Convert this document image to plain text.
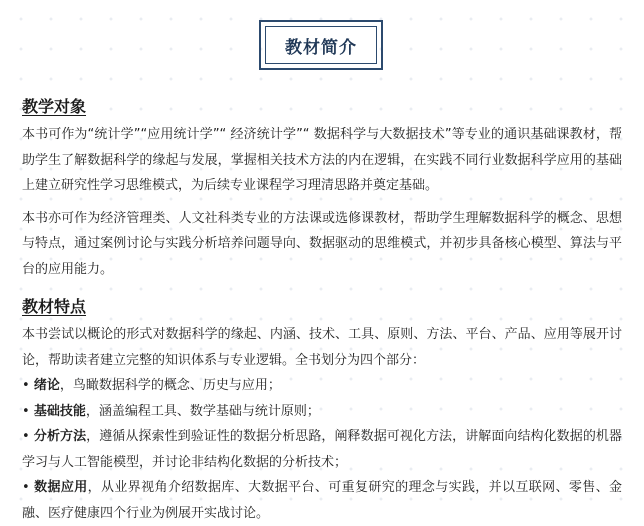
教材简介
教学对象

本书可作为“统计学”“应用统计学”“ 经济统计学”“ 数据科学与大数据技术”等专业的通识基础课教材，帮助学生了解数据科学的缘起与发展，掌握相关技术方法的内在逻辑，在实践不同行业数据科学应用的基础上建立研究性学习思维模式，为后续专业课程学习理清思路并奠定基础。

本书亦可作为经济管理类、人文社科类专业的方法课或选修课教材，帮助学生理解数据科学的概念、思想与特点，通过案例讨论与实践分析培养问题导向、数据驱动的思维模式，并初步具备核心模型、算法与平台的应用能力。

教材特点

本书尝试以概论的形式对数据科学的缘起、内涵、技术、工具、原则、方法、平台、产品、应用等展开讨论，帮助读者建立完整的知识体系与专业逻辑。全书划分为四个部分：

• 绪论，鸟瞰数据科学的概念、历史与应用；

• 基础技能，涵盖编程工具、数学基础与统计原则；

• 分析方法，遵循从探索性到验证性的数据分析思路，阐释数据可视化方法，讲解面向结构化数据的机器学习与人工智能模型，并讨论非结构化数据的分析技术；

• 数据应用，从业界视角介绍数据库、大数据平台、可重复研究的理念与实践，并以互联网、零售、金融、医疗健康四个行业为例展开实战讨论。
